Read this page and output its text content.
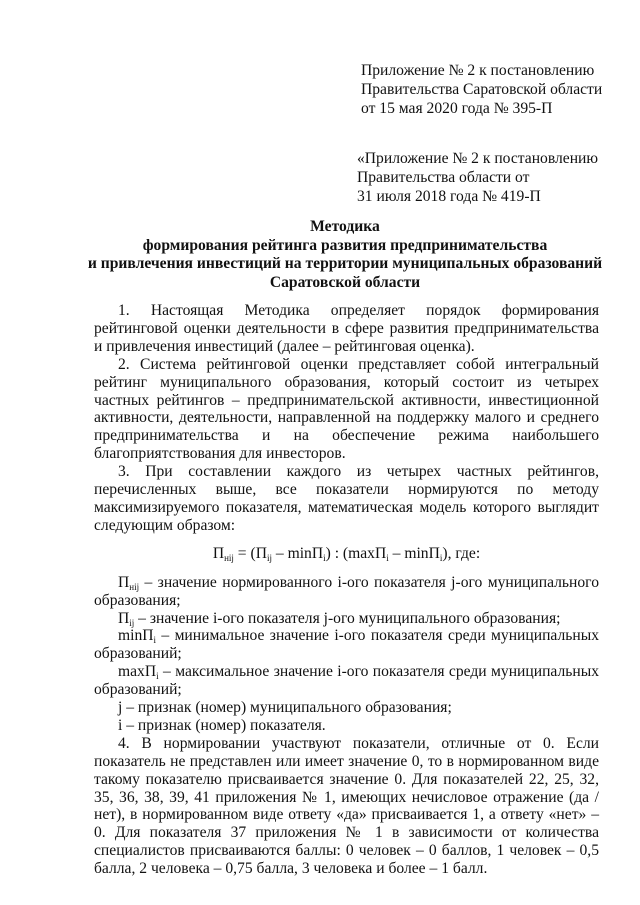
Приложение № 2 к постановлению
Правительства Саратовской области
от 15 мая 2020 года № 395-П
«Приложение № 2 к постановлению
Правительства области от
31 июля 2018 года № 419-П
Методика
формирования рейтинга развития предпринимательства
и привлечения инвестиций на территории муниципальных образований
Саратовской области

1. Настоящая Методика определяет порядок формирования рейтинговой оценки деятельности в сфере развития предпринимательства и привлечения инвестиций (далее – рейтинговая оценка).

2. Система рейтинговой оценки представляет собой интегральный рейтинг муниципального образования, который состоит из четырех частных рейтингов – предпринимательской активности, инвестиционной активности, деятельности, направленной на поддержку малого и среднего предпринимательства и на обеспечение режима наибольшего благоприятствования для инвесторов.

3. При составлении каждого из четырех частных рейтингов, перечисленных выше, все показатели нормируются по методу максимизируемого показателя, математическая модель которого выглядит следующим образом:

$П_{нij} = (П_{ij} - \min П_i)$ : (maxП$_i$ – minП$_i$), где:

$П_{нij}$ – значение нормированного i-ого показателя j-ого муниципального образования;

$П_{ij}$ – значение i-ого показателя j-ого муниципального образования;

minП$_i$ – минимальное значение i-ого показателя среди муниципальных образований;

maxП$_i$ – максимальное значение i-ого показателя среди муниципальных образований;

j – признак (номер) муниципального образования;

i – признак (номер) показателя.

4. В нормировании участвуют показатели, отличные от 0. Если показатель не представлен или имеет значение 0, то в нормированном виде такому показателю присваивается значение 0. Для показателей 22, 25, 32, 35, 36, 38, 39, 41 приложения № 1, имеющих нечисловое отражение (да / нет), в нормированном виде ответу «да» присваивается 1, а ответу «нет» – 0. Для показателя 37 приложения № 1 в зависимости от количества специалистов присваиваются баллы: 0 человек – 0 баллов, 1 человек – 0,5 балла, 2 человека – 0,75 балла, 3 человека и более – 1 балл.
